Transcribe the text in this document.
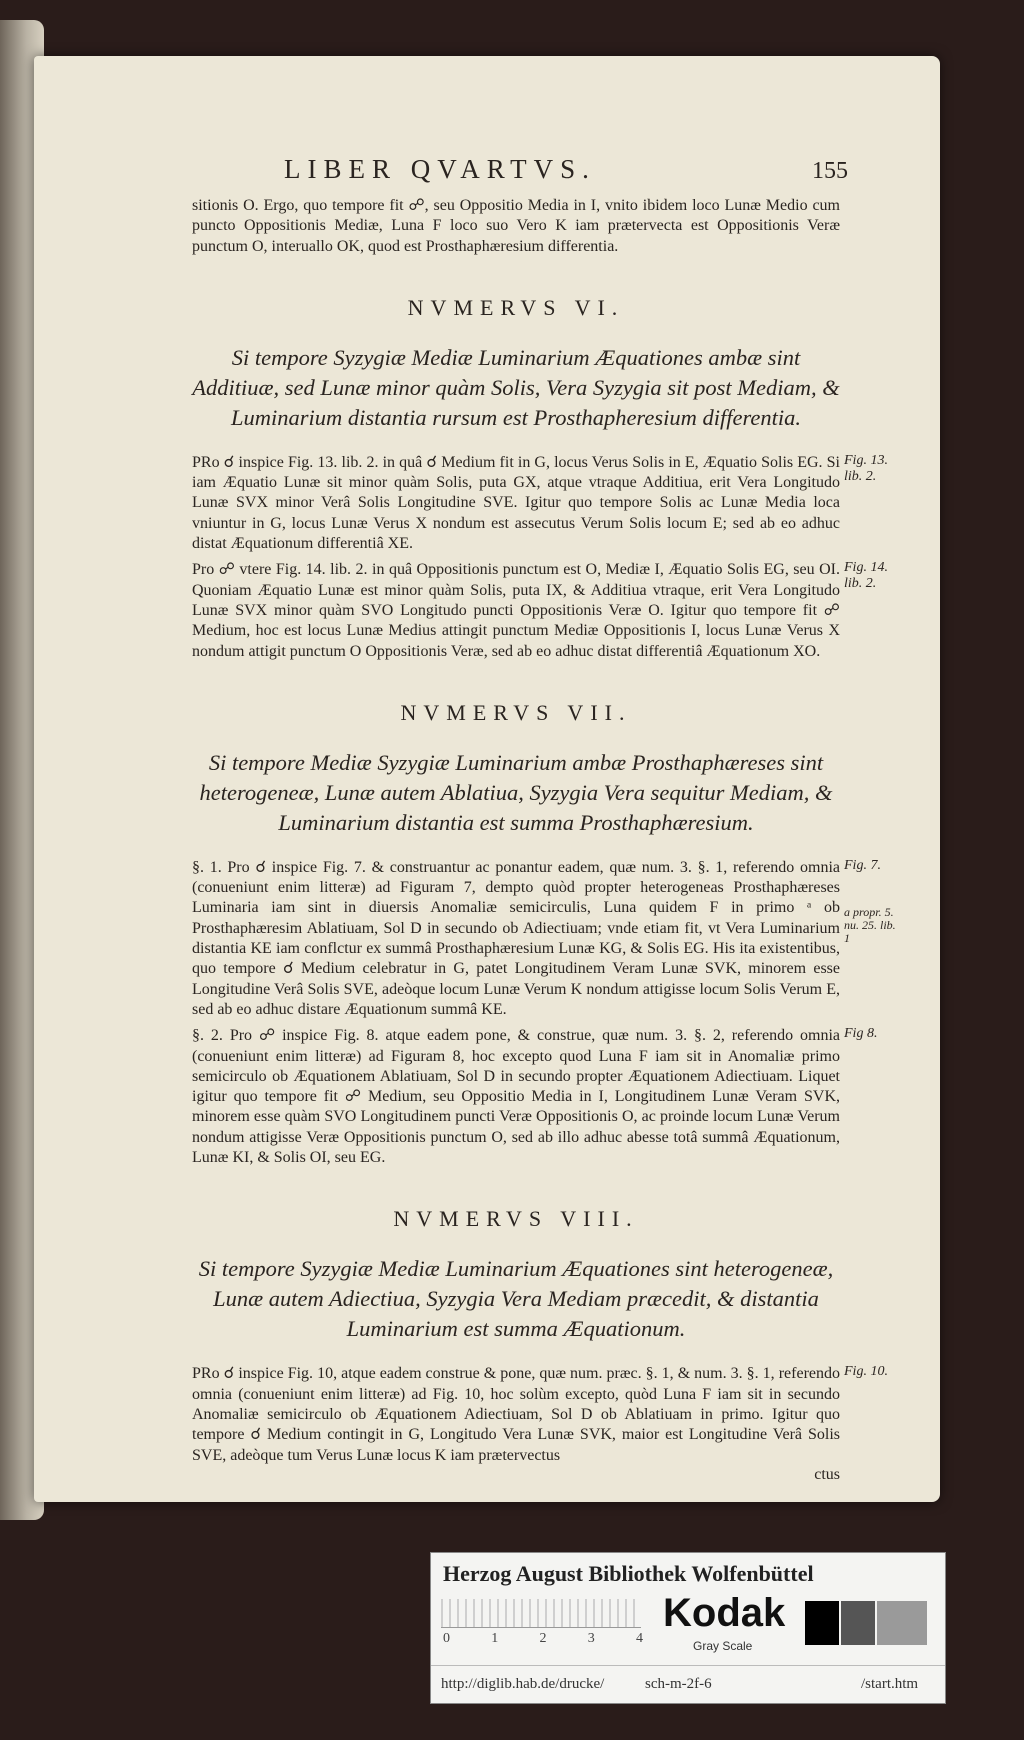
LIBER QVARTVS.	155

sitionis O. Ergo, quo tempore fit ☍, seu Oppositio Media in I, vnito ibidem loco Lunæ Medio cum puncto Oppositionis Mediæ, Luna F loco suo Vero K iam prætervecta est Oppositionis Veræ punctum O, interuallo OK, quod est Prosthaphæresium differentia.

NVMERVS VI.
Si tempore Syzygiæ Mediæ Luminarium Æquationes ambæ sint Additiuæ, sed Lunæ minor quàm Solis, Vera Syzygia sit post Mediam, & Luminarium distantia rursum est Prosthapheresium differentia.
Fig. 13. lib. 2.

PRo ☌ inspice Fig. 13. lib. 2. in quâ ☌ Medium fit in G, locus Verus Solis in E, Æquatio Solis EG. Si iam Æquatio Lunæ sit minor quàm Solis, puta GX, atque vtraque Additiua, erit Vera Longitudo Lunæ SVX minor Verâ Solis Longitudine SVE. Igitur quo tempore Solis ac Lunæ Media loca vniuntur in G, locus Lunæ Verus X nondum est assecutus Verum Solis locum E; sed ab eo adhuc distat Æquationum differentiâ XE.

Fig. 14. lib. 2.

Pro ☍ vtere Fig. 14. lib. 2. in quâ Oppositionis punctum est O, Mediæ I, Æquatio Solis EG, seu OI. Quoniam Æquatio Lunæ est minor quàm Solis, puta IX, & Additiua vtraque, erit Vera Longitudo Lunæ SVX minor quàm SVO Longitudo puncti Oppositionis Veræ O. Igitur quo tempore fit ☍ Medium, hoc est locus Lunæ Medius attingit punctum Mediæ Oppositionis I, locus Lunæ Verus X nondum attigit punctum O Oppositionis Veræ, sed ab eo adhuc distat differentiâ Æquationum XO.

NVMERVS VII.
Si tempore Mediæ Syzygiæ Luminarium ambæ Prosthaphæreses sint heterogeneæ, Lunæ autem Ablatiua, Syzygia Vera sequitur Mediam, & Luminarium distantia est summa Prosthaphæresium.
Fig. 7.
a propr. 5. nu. 25. lib. 1

§. 1. Pro ☌ inspice Fig. 7. & construantur ac ponantur eadem, quæ num. 3. §. 1, referendo omnia (conueniunt enim litteræ) ad Figuram 7, dempto quòd propter heterogeneas Prosthaphæreses Luminaria iam sint in diuersis Anomaliæ semicirculis, Luna quidem F in primo ᵃ ob Prosthaphæresim Ablatiuam, Sol D in secundo ob Adiectiuam; vnde etiam fit, vt Vera Luminarium distantia KE iam conflctur ex summâ Prosthaphæresium Lunæ KG, & Solis EG. His ita existentibus, quo tempore ☌ Medium celebratur in G, patet Longitudinem Veram Lunæ SVK, minorem esse Longitudine Verâ Solis SVE, adeòque locum Lunæ Verum K nondum attigisse locum Solis Verum E, sed ab eo adhuc distare Æquationum summâ KE.

Fig 8.

§. 2. Pro ☍ inspice Fig. 8. atque eadem pone, & construe, quæ num. 3. §. 2, referendo omnia (conueniunt enim litteræ) ad Figuram 8, hoc excepto quod Luna F iam sit in Anomaliæ primo semicirculo ob Æquationem Ablatiuam, Sol D in secundo propter Æquationem Adiectiuam. Liquet igitur quo tempore fit ☍ Medium, seu Oppositio Media in I, Longitudinem Lunæ Veram SVK, minorem esse quàm SVO Longitudinem puncti Veræ Oppositionis O, ac proinde locum Lunæ Verum nondum attigisse Veræ Oppositionis punctum O, sed ab illo adhuc abesse totâ summâ Æquationum, Lunæ KI, & Solis OI, seu EG.

NVMERVS VIII.
Si tempore Syzygiæ Mediæ Luminarium Æquationes sint heterogeneæ, Lunæ autem Adiectiua, Syzygia Vera Mediam præcedit, & distantia Luminarium est summa Æquationum.
Fig. 10.

PRo ☌ inspice Fig. 10, atque eadem construe & pone, quæ num. præc. §. 1, & num. 3. §. 1, referendo omnia (conueniunt enim litteræ) ad Fig. 10, hoc solùm excepto, quòd Luna F iam sit in secundo Anomaliæ semicirculo ob Æquationem Adiectiuam, Sol D ob Ablatiuam in primo. Igitur quo tempore ☌ Medium contingit in G, Longitudo Vera Lunæ SVK, maior est Longitudine Verâ Solis SVE, adeòque tum Verus Lunæ locus K iam prætervectus

ctus
Herzog August Bibliothek Wolfenbüttel
0	1	2	3	4
Kodak
Gray Scale
http://diglib.hab.de/drucke/	sch-m-2f-6	/start.htm
